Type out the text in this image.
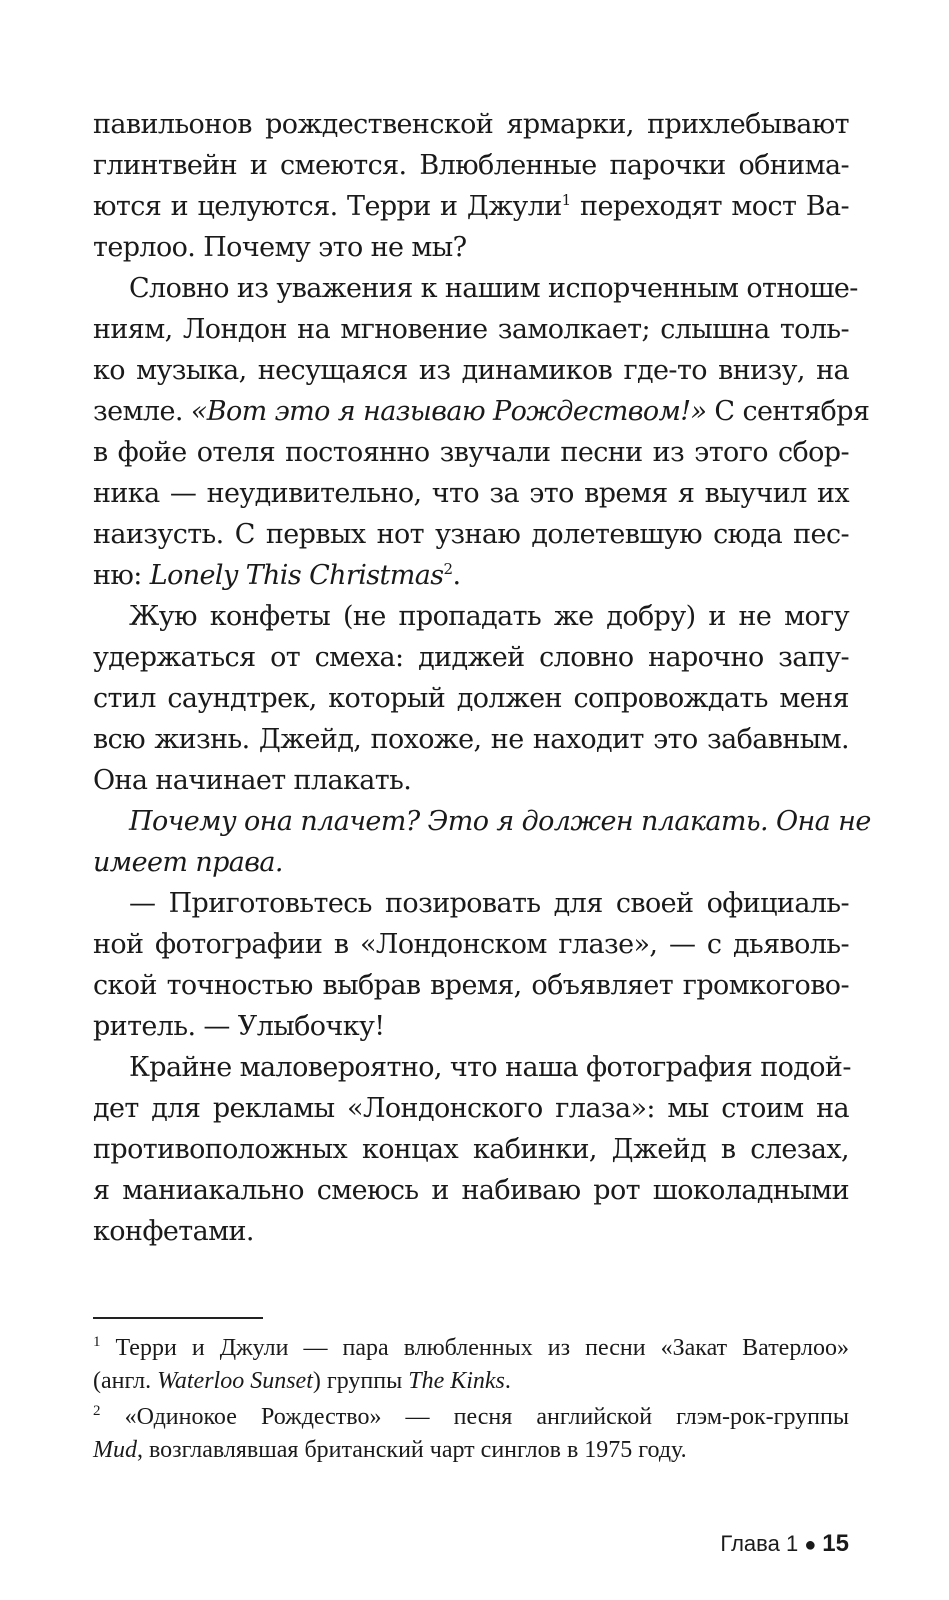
павильонов рождественской ярмарки, прихлебывают
глинтвейн и смеются. Влюбленные парочки обнима-
ются и целуются. Терри и Джули$^1$ переходят мост Ва-
терлоо. Почему это не мы?
Словно из уважения к нашим испорченным отноше-
ниям, Лондон на мгновение замолкает; слышна толь-
ко музыка, несущаяся из динамиков где-то внизу, на
земле. «Вот это я называю Рождеством!» С сентября
в фойе отеля постоянно звучали песни из этого сбор-
ника — неудивительно, что за это время я выучил их
наизусть. С первых нот узнаю долетевшую сюда пес-
ню: Lonely This Christmas$^2$.
Жую конфеты (не пропадать же добру) и не могу
удержаться от смеха: диджей словно нарочно запу-
стил саундтрек, который должен сопровождать меня
всю жизнь. Джейд, похоже, не находит это забавным.
Она начинает плакать.
Почему она плачет? Это я должен плакать. Она не
имеет права.
— Приготовьтесь позировать для своей официаль-
ной фотографии в «Лондонском глазе», — с дьяволь-
ской точностью выбрав время, объявляет громкогово-
ритель. — Улыбочку!
Крайне маловероятно, что наша фотография подой-
дет для рекламы «Лондонского глаза»: мы стоим на
противоположных концах кабинки, Джейд в слезах,
я маниакально смеюсь и набиваю рот шоколадными
конфетами.
$^1$ Терри и Джули — пара влюбленных из песни «Закат Ватерлоо»
(англ. Waterloo Sunset) группы The Kinks.
$^2$ «Одинокое Рождество» — песня английской глэм-рок-группы
Mud, возглавлявшая британский чарт синглов в 1975 году.
Глава 1 ● 15
